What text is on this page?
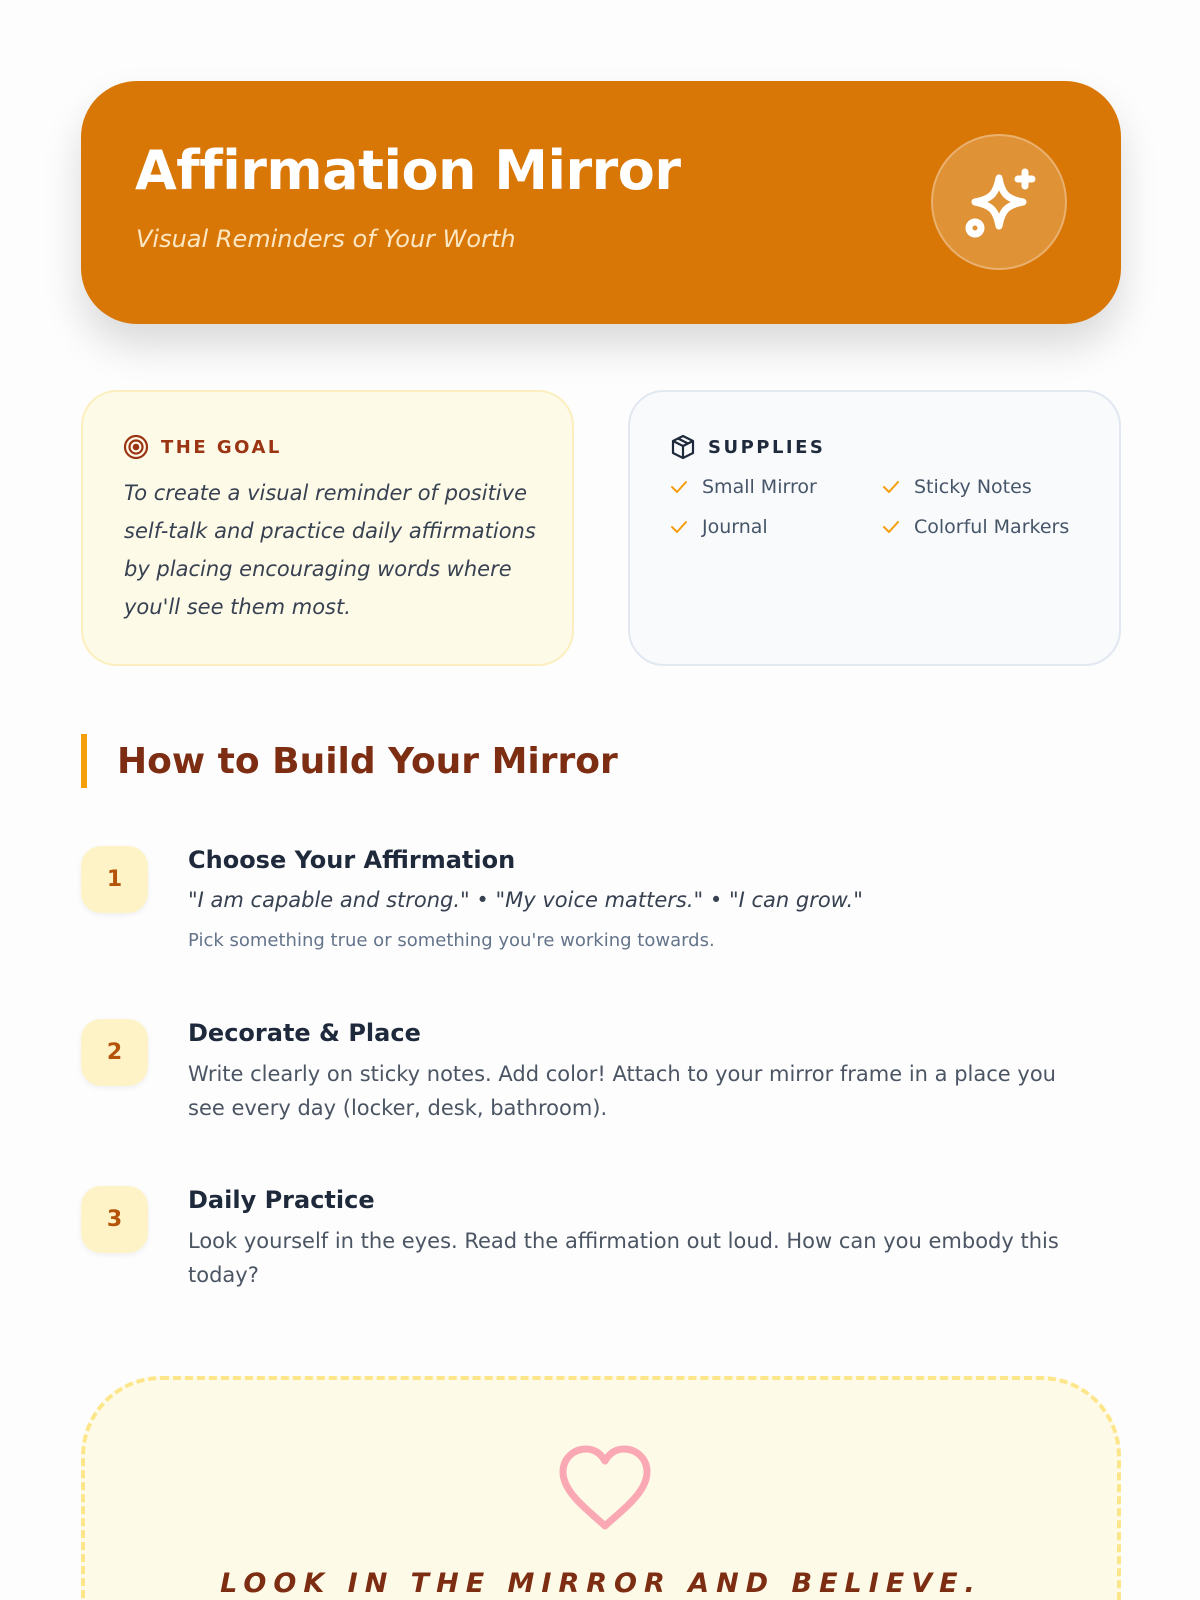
Affirmation Mirror
Visual Reminders of Your Worth
THE GOAL

To create a visual reminder of positive self-talk and practice daily affirmations by placing encouraging words where you'll see them most.

SUPPLIES
Small Mirror	Sticky Notes
Journal	Colorful Markers
How to Build Your Mirror
1
Choose Your Affirmation
"I am capable and strong." • "My voice matters." • "I can grow."
Pick something true or something you're working towards.
2
Decorate & Place
Write clearly on sticky notes. Add color! Attach to your mirror frame in a place you see every day (locker, desk, bathroom).
3
Daily Practice
Look yourself in the eyes. Read the affirmation out loud. How can you embody this today?
LOOK IN THE MIRROR AND BELIEVE.
